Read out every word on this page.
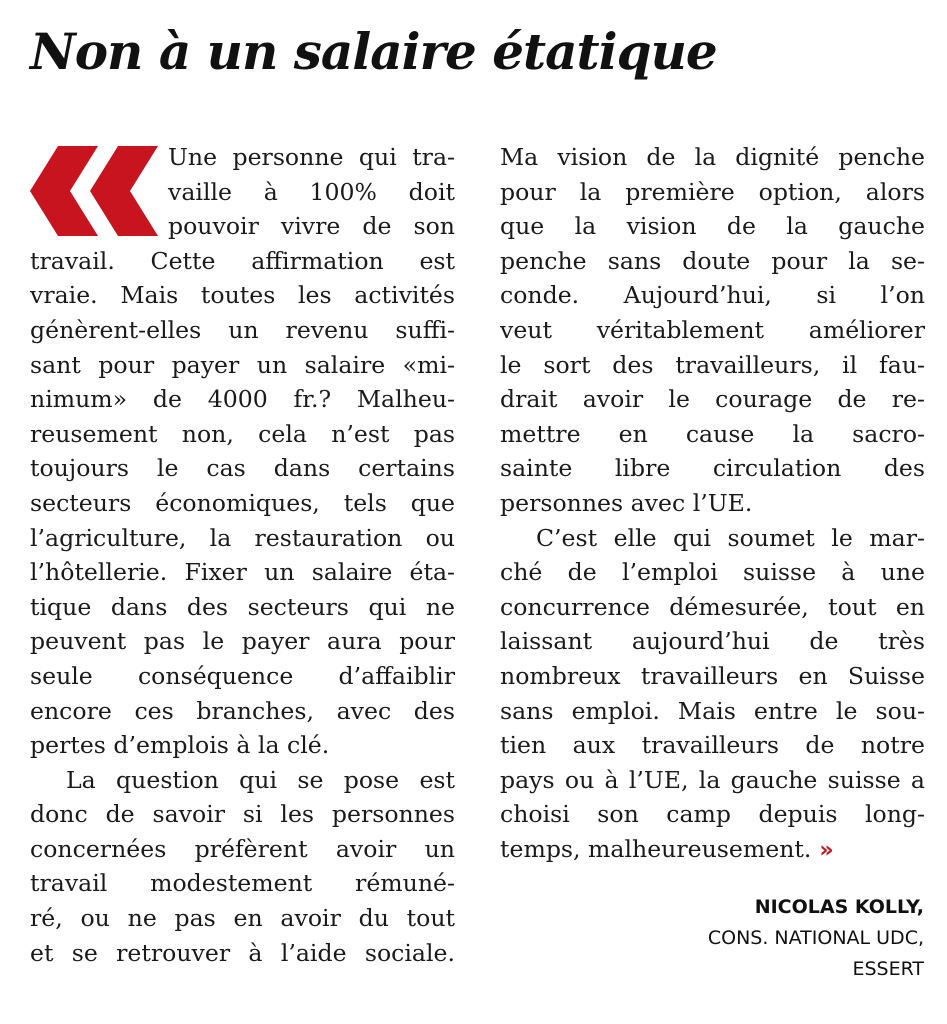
Non à un salaire étatique
Une personne qui tra-
vaille à 100% doit
pouvoir vivre de son
travail. Cette affirmation est
vraie. Mais toutes les activités
génèrent-elles un revenu suffi-
sant pour payer un salaire «mi-
nimum» de 4000 fr.? Malheu-
reusement non, cela n’est pas
toujours le cas dans certains
secteurs économiques, tels que
l’agriculture, la restauration ou
l’hôtellerie. Fixer un salaire éta-
tique dans des secteurs qui ne
peuvent pas le payer aura pour
seule conséquence d’affaiblir
encore ces branches, avec des
pertes d’emplois à la clé.
La question qui se pose est
donc de savoir si les personnes
concernées préfèrent avoir un
travail modestement rémuné-
ré, ou ne pas en avoir du tout
et se retrouver à l’aide sociale.
Ma vision de la dignité penche
pour la première option, alors
que la vision de la gauche
penche sans doute pour la se-
conde. Aujourd’hui, si l’on
veut véritablement améliorer
le sort des travailleurs, il fau-
drait avoir le courage de re-
mettre en cause la sacro-
sainte libre circulation des
personnes avec l’UE.
C’est elle qui soumet le mar-
ché de l’emploi suisse à une
concurrence démesurée, tout en
laissant aujourd’hui de très
nombreux travailleurs en Suisse
sans emploi. Mais entre le sou-
tien aux travailleurs de notre
pays ou à l’UE, la gauche suisse a
choisi son camp depuis long-
temps, malheureusement. »
NICOLAS KOLLY,
CONS. NATIONAL UDC,
ESSERT
